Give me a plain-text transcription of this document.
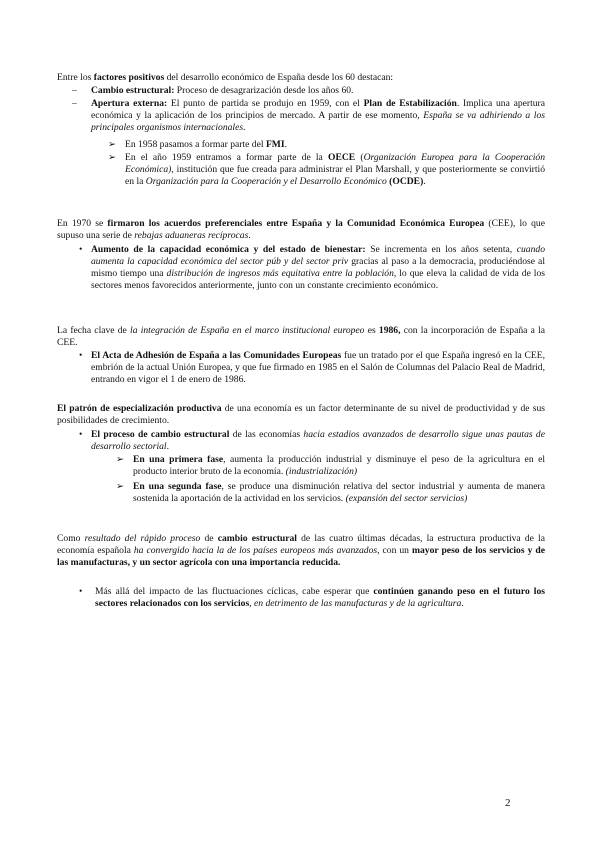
Entre los factores positivos del desarrollo económico de España desde los 60 destacan:

– Cambio estructural: Proceso de desagrarización desde los años 60.

– Apertura externa: El punto de partida se produjo en 1959, con el Plan de Estabilización. Implica una apertura económica y la aplicación de los principios de mercado. A partir de ese momento, España se va adhiriendo a los principales organismos internacionales.

➢ En 1958 pasamos a formar parte del FMI.

➢ En el año 1959 entramos a formar parte de la OECE (Organización Europea para la Cooperación Económica), institución que fue creada para administrar el Plan Marshall, y que posteriormente se convirtió en la Organización para la Cooperación y el Desarrollo Económico (OCDE).

En 1970 se firmaron los acuerdos preferenciales entre España y la Comunidad Económica Europea (CEE), lo que supuso una serie de rebajas aduaneras recíprocas.

• Aumento de la capacidad económica y del estado de bienestar: Se incrementa en los años setenta, cuando aumenta la capacidad económica del sector púb y del sector priv gracias al paso a la democracia, produciéndose al mismo tiempo una distribución de ingresos más equitativa entre la población, lo que eleva la calidad de vida de los sectores menos favorecidos anteriormente, junto con un constante crecimiento económico.

La fecha clave de la integración de España en el marco institucional europeo es 1986, con la incorporación de España a la CEE.

• El Acta de Adhesión de España a las Comunidades Europeas fue un tratado por el que España ingresó en la CEE, embrión de la actual Unión Europea, y que fue firmado en 1985 en el Salón de Columnas del Palacio Real de Madrid, entrando en vigor el 1 de enero de 1986.

El patrón de especialización productiva de una economía es un factor determinante de su nivel de productividad y de sus posibilidades de crecimiento.

• El proceso de cambio estructural de las economías hacia estadios avanzados de desarrollo sigue unas pautas de desarrollo sectorial.

➢ En una primera fase, aumenta la producción industrial y disminuye el peso de la agricultura en el producto interior bruto de la economía. (industrialización)

➢ En una segunda fase, se produce una disminución relativa del sector industrial y aumenta de manera sostenida la aportación de la actividad en los servicios. (expansión del sector servicios)

Como resultado del rápido proceso de cambio estructural de las cuatro últimas décadas, la estructura productiva de la economía española ha convergido hacia la de los países europeos más avanzados, con un mayor peso de los servicios y de las manufacturas, y un sector agrícola con una importancia reducida.

• Más allá del impacto de las fluctuaciones cíclicas, cabe esperar que continúen ganando peso en el futuro los sectores relacionados con los servicios, en detrimento de las manufacturas y de la agricultura.

2
